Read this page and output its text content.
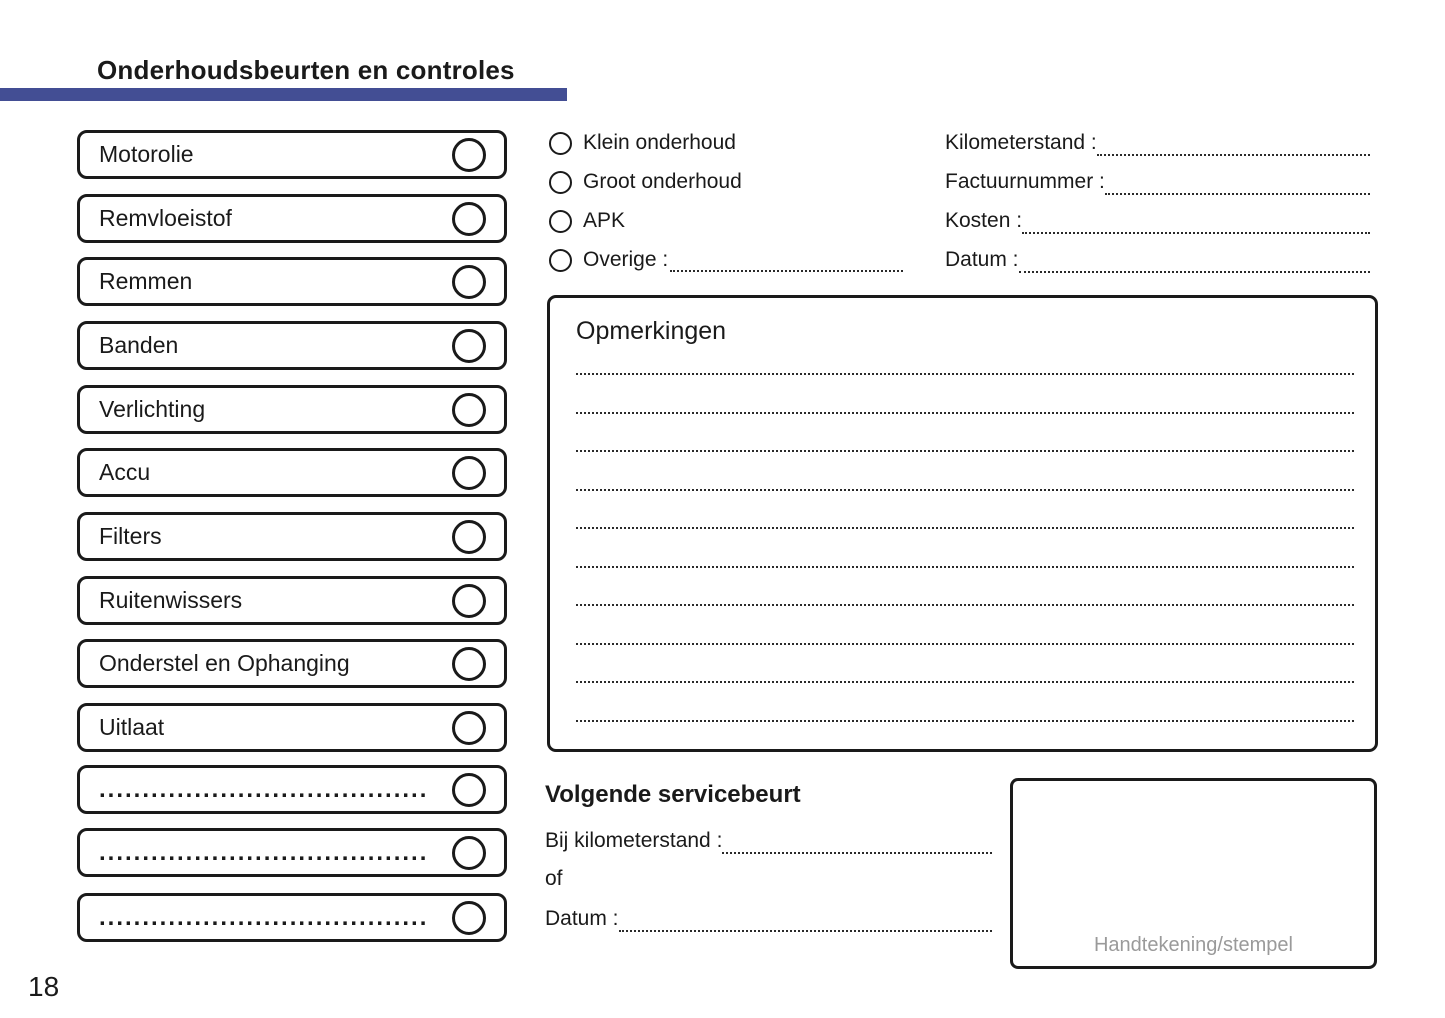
Onderhoudsbeurten en controles
Motorolie
Remvloeistof
Remmen
Banden
Verlichting
Accu
Filters
Ruitenwissers
Onderstel en Ophanging
Uitlaat
......................................
......................................
......................................
Klein onderhoud
Groot onderhoud
APK
Overige :
Kilometerstand :
Factuurnummer :
Kosten :
Datum :
Opmerkingen
Volgende servicebeurt
Bij kilometerstand :
of
Datum :
Handtekening/stempel
18
